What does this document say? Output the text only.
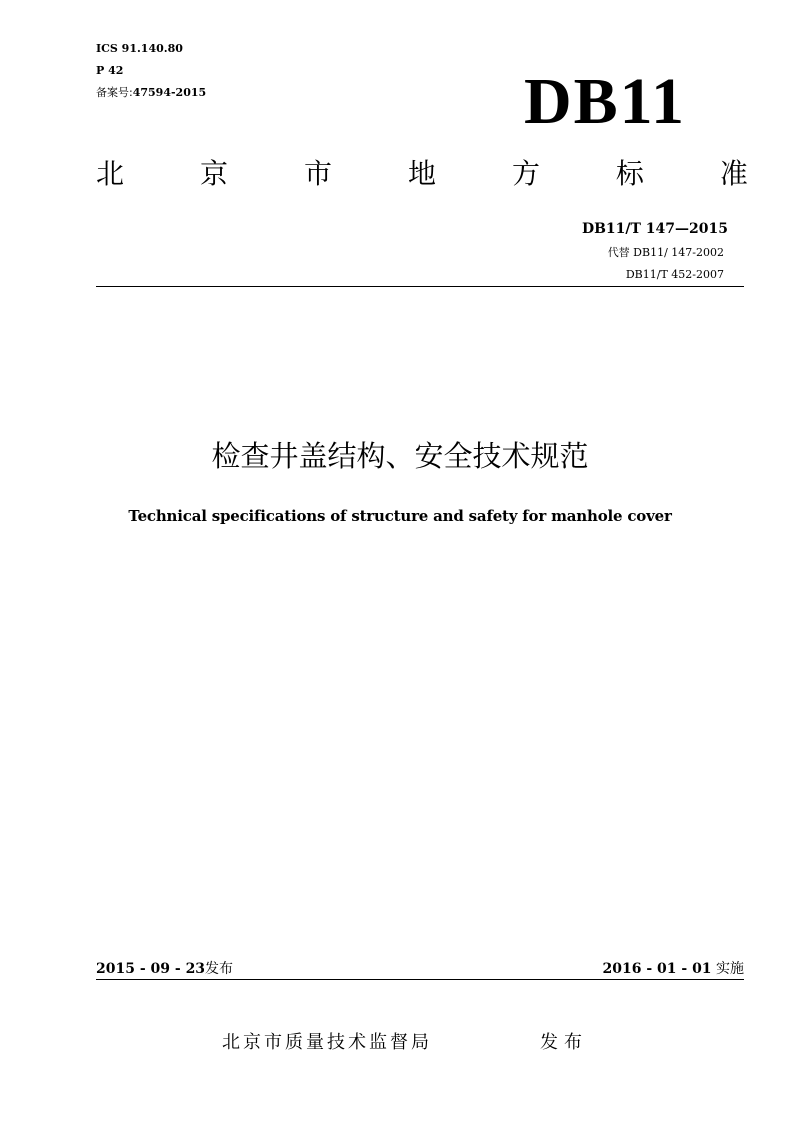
ICS 91.140.80
P 42
备案号:47594-2015	DB11
北	京	市	地	方	标	准
DB11/T 147—2015
代替 DB11/ 147-2002
DB11/T 452-2007
检查井盖结构、安全技术规范
Technical specifications of structure and safety for manhole cover
2015 - 09 - 23发布	2016 - 01 - 01 实施
北京市质量技术监督局	发布
